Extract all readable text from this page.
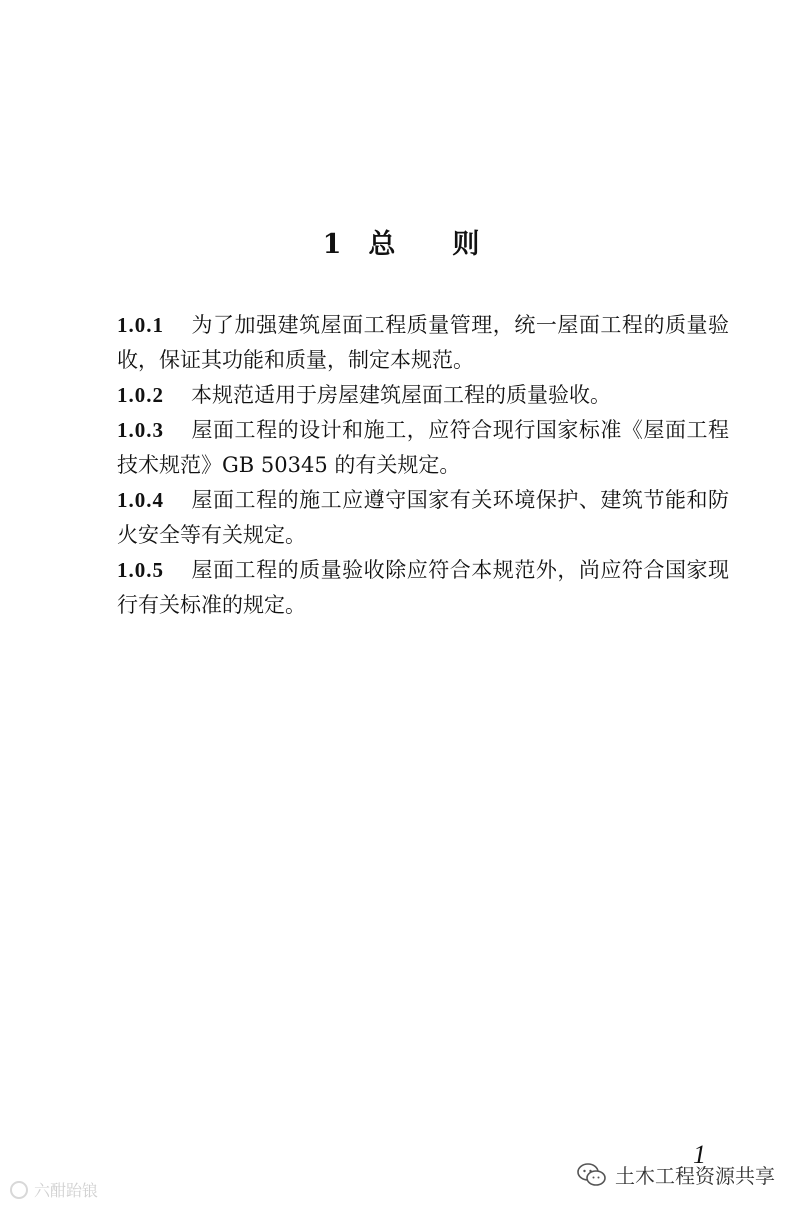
1 总 则

1.0.1 为了加强建筑屋面工程质量管理，统一屋面工程的质量验收，保证其功能和质量，制定本规范。

1.0.2 本规范适用于房屋建筑屋面工程的质量验收。

1.0.3 屋面工程的设计和施工，应符合现行国家标准《屋面工程技术规范》GB 50345 的有关规定。

1.0.4 屋面工程的施工应遵守国家有关环境保护、建筑节能和防火安全等有关规定。

1.0.5 屋面工程的质量验收除应符合本规范外，尚应符合国家现行有关标准的规定。

1
六酣跆锒
土木工程资源共享
